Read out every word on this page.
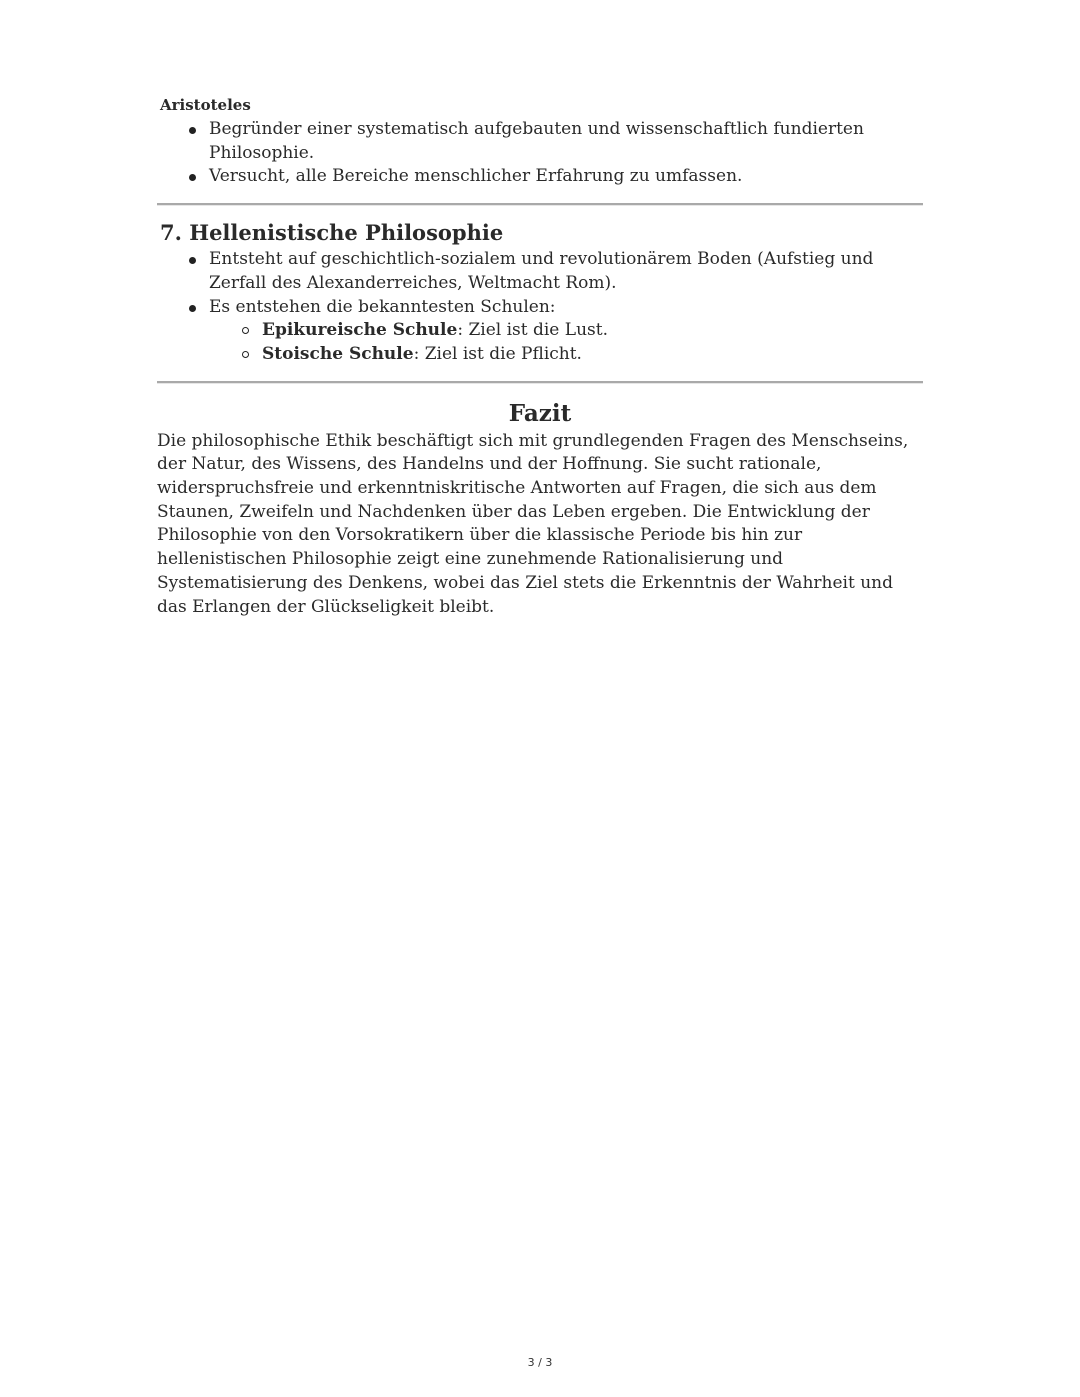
Aristoteles
Begründer einer systematisch aufgebauten und wissenschaftlich fundierten Philosophie.
Versucht, alle Bereiche menschlicher Erfahrung zu umfassen.
7. Hellenistische Philosophie
Entsteht auf geschichtlich-sozialem und revolutionärem Boden (Aufstieg und Zerfall des Alexanderreiches, Weltmacht Rom).
Es entstehen die bekanntesten Schulen:
Epikureische Schule: Ziel ist die Lust.
Stoische Schule: Ziel ist die Pflicht.
Fazit

Die philosophische Ethik beschäftigt sich mit grundlegenden Fragen des Menschseins, der Natur, des Wissens, des Handelns und der Hoffnung. Sie sucht rationale, widerspruchsfreie und erkenntniskritische Antworten auf Fragen, die sich aus dem Staunen, Zweifeln und Nachdenken über das Leben ergeben. Die Entwicklung der Philosophie von den Vorsokratikern über die klassische Periode bis hin zur hellenistischen Philosophie zeigt eine zunehmende Rationalisierung und Systematisierung des Denkens, wobei das Ziel stets die Erkenntnis der Wahrheit und das Erlangen der Glückseligkeit bleibt.

3 / 3
